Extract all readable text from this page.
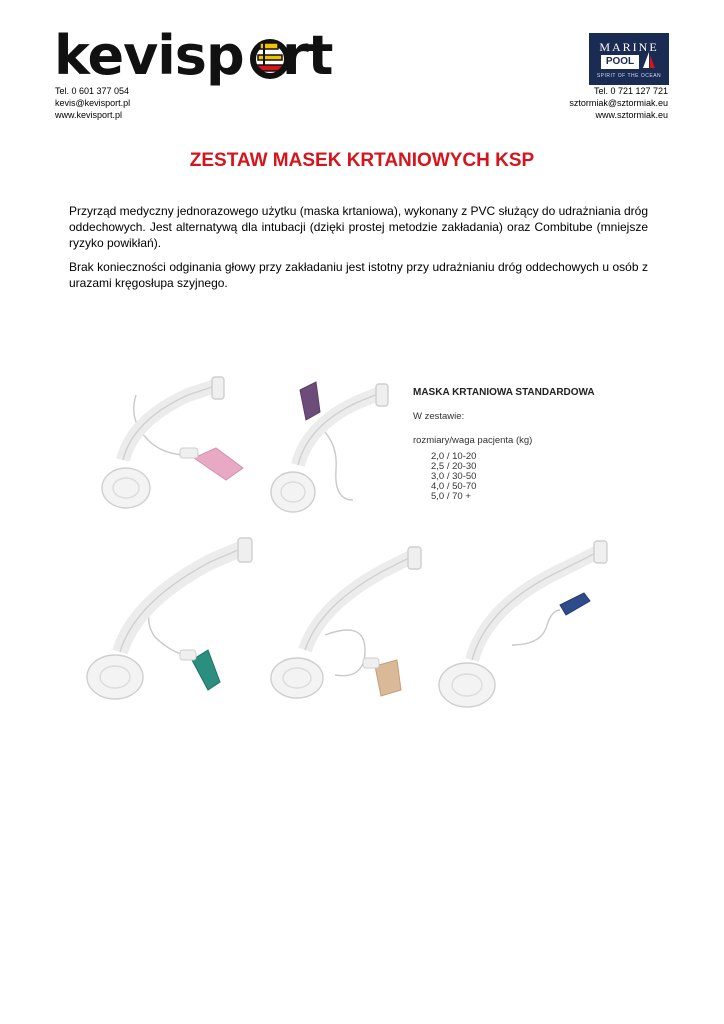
kevisp rt
Tel. 0 601 377 054
kevis@kevisport.pl
www.kevisport.pl
MARINE
POOL
SPIRIT OF THE OCEAN
Tel. 0 721 127 721
sztormiak@sztormiak.eu
www.sztormiak.eu
ZESTAW MASEK KRTANIOWYCH KSP

Przyrząd medyczny jednorazowego użytku (maska krtaniowa), wykonany z PVC służący do udrażniania dróg oddechowych. Jest alternatywą dla intubacji (dzięki prostej metodzie zakładania) oraz Combitube (mniejsze ryzyko powikłań).

Brak konieczności odginania głowy przy zakładaniu jest istotny przy udrażnianiu dróg oddechowych u osób z urazami kręgosłupa szyjnego.

MASKA KRTANIOWA STANDARDOWA

W zestawie:

rozmiary/waga pacjenta (kg)

2,0 / 10-20
2,5 / 20-30
3,0 / 30-50
4,0 / 50-70
5,0 / 70 +
